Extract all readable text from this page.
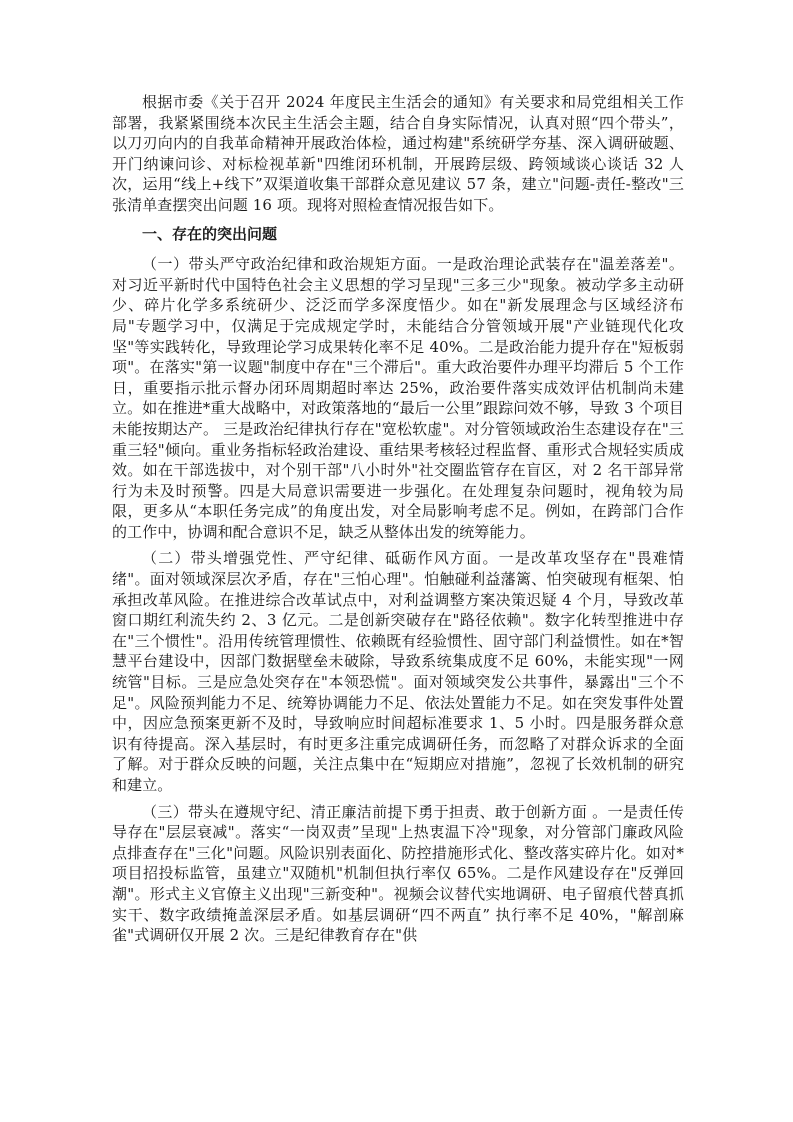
根据市委《关于召开 2024 年度民主生活会的通知》有关要求和局党组相关工作部署，我紧紧围绕本次民主生活会主题，结合自身实际情况，认真对照“四个带头”，以刀刃向内的自我革命精神开展政治体检，通过构建"系统研学夯基、深入调研破题、开门纳谏问诊、对标检视革新"四维闭环机制，开展跨层级、跨领域谈心谈话 32 人次，运用“线上+线下”双渠道收集干部群众意见建议 57 条，建立"问题-责任-整改"三张清单查摆突出问题 16 项。现将对照检查情况报告如下。

一、存在的突出问题

（一）带头严守政治纪律和政治规矩方面。一是政治理论武装存在"温差落差"。对习近平新时代中国特色社会主义思想的学习呈现"三多三少"现象。被动学多主动研少、碎片化学多系统研少、泛泛而学多深度悟少。如在"新发展理念与区域经济布局"专题学习中，仅满足于完成规定学时，未能结合分管领域开展"产业链现代化攻坚"等实践转化，导致理论学习成果转化率不足 40%。二是政治能力提升存在"短板弱项"。在落实"第一议题"制度中存在"三个滞后"。重大政治要件办理平均滞后 5 个工作日，重要指示批示督办闭环周期超时率达 25%，政治要件落实成效评估机制尚未建立。如在推进*重大战略中，对政策落地的“最后一公里”跟踪问效不够，导致 3 个项目未能按期达产。 三是政治纪律执行存在"宽松软虚"。对分管领域政治生态建设存在"三重三轻"倾向。重业务指标轻政治建设、重结果考核轻过程监督、重形式合规轻实质成效。如在干部选拔中，对个别干部"八小时外"社交圈监管存在盲区，对 2 名干部异常行为未及时预警。四是大局意识需要进一步强化。在处理复杂问题时，视角较为局限，更多从“本职任务完成”的角度出发，对全局影响考虑不足。例如，在跨部门合作的工作中，协调和配合意识不足，缺乏从整体出发的统筹能力。

（二）带头增强党性、严守纪律、砥砺作风方面。一是改革攻坚存在"畏难情绪"。面对领域深层次矛盾，存在"三怕心理"。怕触碰利益藩篱、怕突破现有框架、怕承担改革风险。在推进综合改革试点中，对利益调整方案决策迟疑 4 个月，导致改革窗口期红利流失约 2、3 亿元。二是创新突破存在"路径依赖"。数字化转型推进中存在"三个惯性"。沿用传统管理惯性、依赖既有经验惯性、固守部门利益惯性。如在*智慧平台建设中，因部门数据壁垒未破除，导致系统集成度不足 60%，未能实现"一网统管"目标。三是应急处突存在"本领恐慌"。面对领域突发公共事件，暴露出"三个不足"。风险预判能力不足、统筹协调能力不足、依法处置能力不足。如在突发事件处置中，因应急预案更新不及时，导致响应时间超标准要求 1、5 小时。四是服务群众意识有待提高。深入基层时，有时更多注重完成调研任务，而忽略了对群众诉求的全面了解。对于群众反映的问题，关注点集中在“短期应对措施”，忽视了长效机制的研究和建立。

（三）带头在遵规守纪、清正廉洁前提下勇于担责、敢于创新方面 。一是责任传导存在"层层衰减"。落实“一岗双责”呈现"上热衷温下冷"现象，对分管部门廉政风险点排查存在"三化"问题。风险识别表面化、防控措施形式化、整改落实碎片化。如对*项目招投标监管，虽建立"双随机"机制但执行率仅 65%。二是作风建设存在"反弹回潮"。形式主义官僚主义出现"三新变种"。视频会议替代实地调研、电子留痕代替真抓实干、数字政绩掩盖深层矛盾。如基层调研“四不两直” 执行率不足 40%，"解剖麻雀"式调研仅开展 2 次。三是纪律教育存在"供
